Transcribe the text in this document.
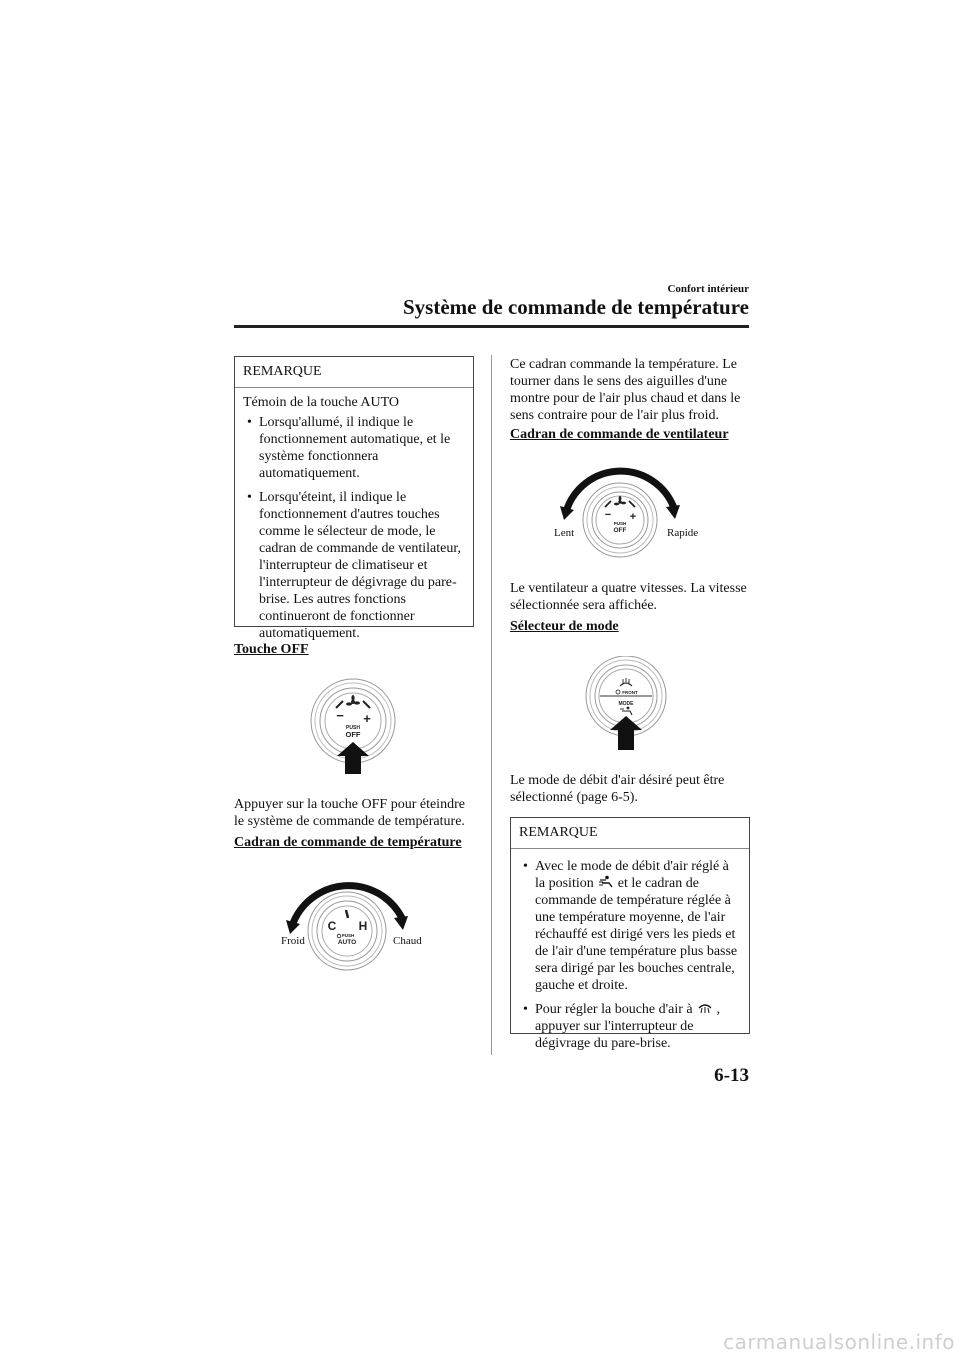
Confort intérieur
Système de commande de température
REMARQUE
Témoin de la touche AUTO
• Lorsqu'allumé, il indique le fonctionnement automatique, et le système fonctionnera automatiquement.
• Lorsqu'éteint, il indique le fonctionnement d'autres touches comme le sélecteur de mode, le cadran de commande de ventilateur, l'interrupteur de climatiseur et l'interrupteur de dégivrage du pare-brise. Les autres fonctions continueront de fonctionner automatiquement.
Touche OFF
− +
PUSH
OFF
Appuyer sur la touche OFF pour éteindre le système de commande de température.
Cadran de commande de température
C H
PUSH
AUTO
Froid	Chaud
Ce cadran commande la température. Le tourner dans le sens des aiguilles d'une montre pour de l'air plus chaud et dans le sens contraire pour de l'air plus froid.
Cadran de commande de ventilateur
− +
PUSH
OFF
Lent	Rapide
Le ventilateur a quatre vitesses. La vitesse sélectionnée sera affichée.
Sélecteur de mode
FRONT
MODE
Le mode de débit d'air désiré peut être sélectionné (page 6-5).
REMARQUE
• Avec le mode de débit d'air réglé à la position et le cadran de commande de température réglée à une température moyenne, de l'air réchauffé est dirigé vers les pieds et de l'air d'une température plus basse sera dirigé par les bouches centrale, gauche et droite.
• Pour régler la bouche d'air à , appuyer sur l'interrupteur de dégivrage du pare-brise.
6-13
carmanualsonline.info
